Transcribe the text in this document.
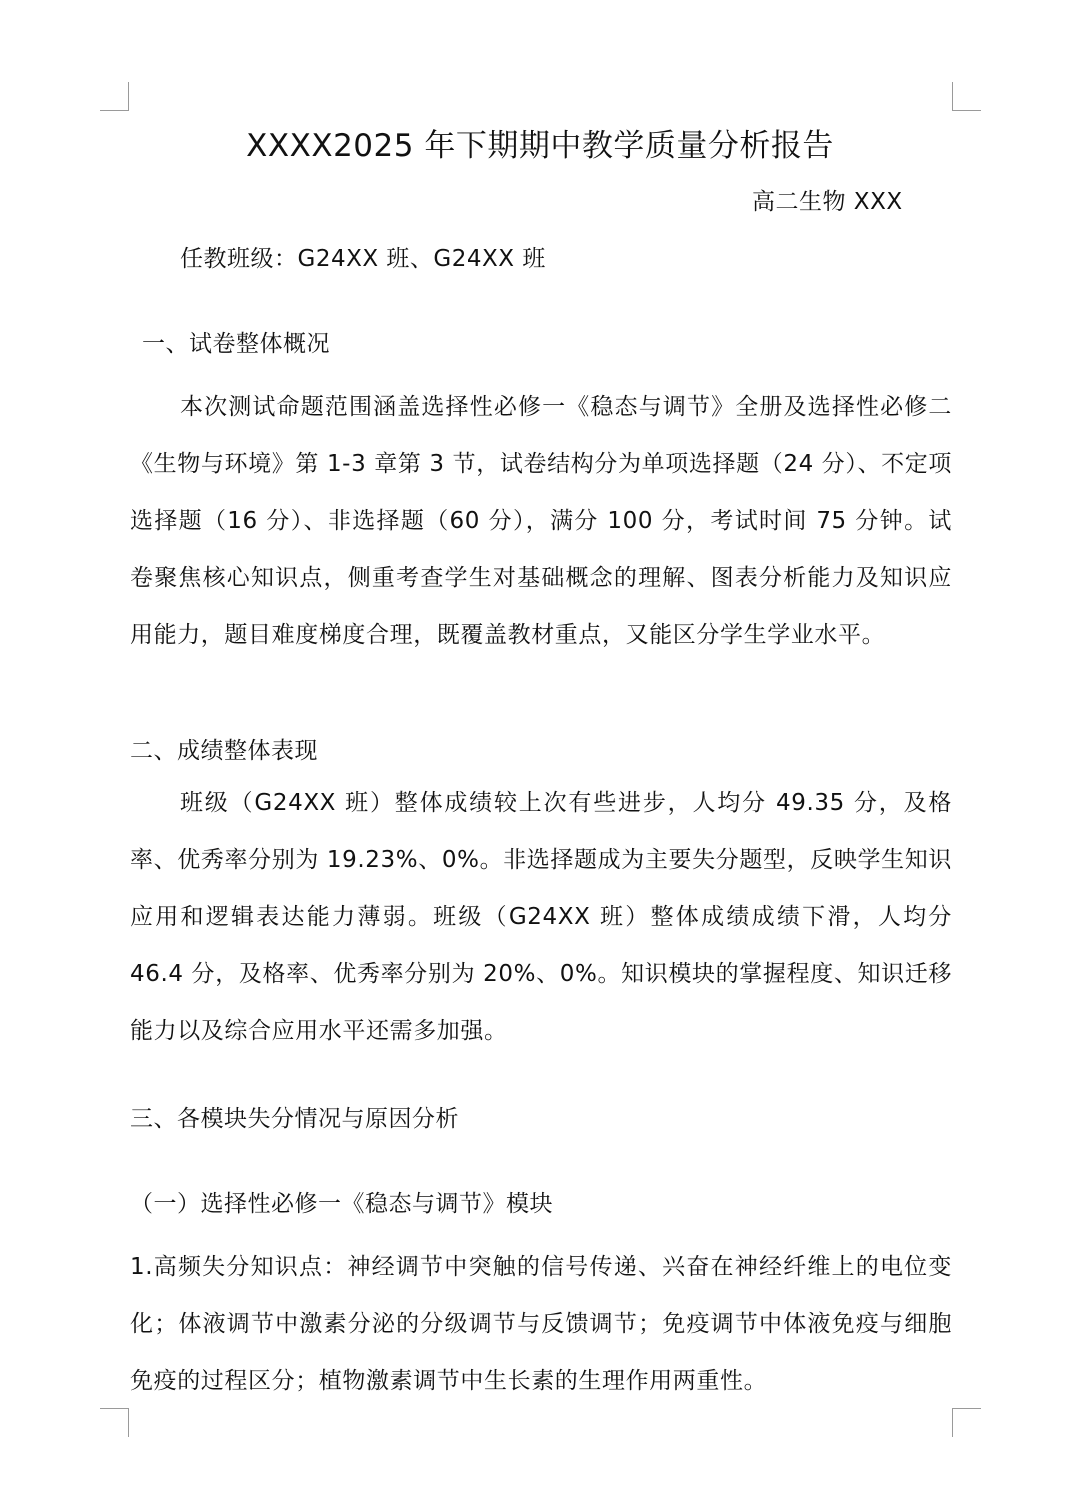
XXXX2025 年下期期中教学质量分析报告
高二生物 XXX
任教班级：G24XX 班、G24XX 班
一、试卷整体概况
本次测试命题范围涵盖选择性必修一《稳态与调节》全册及选择性必修二《生物与环境》第 1-3 章第 3 节，试卷结构分为单项选择题（24 分）、不定项选择题（16 分）、非选择题（60 分），满分 100 分，考试时间 75 分钟。试卷聚焦核心知识点，侧重考查学生对基础概念的理解、图表分析能力及知识应用能力，题目难度梯度合理，既覆盖教材重点，又能区分学生学业水平。
二、成绩整体表现
班级（G24XX 班）整体成绩较上次有些进步，人均分 49.35 分，及格率、优秀率分别为 19.23%、0%。非选择题成为主要失分题型，反映学生知识应用和逻辑表达能力薄弱。班级（G24XX 班）整体成绩成绩下滑，人均分 46.4 分，及格率、优秀率分别为 20%、0%。知识模块的掌握程度、知识迁移能力以及综合应用水平还需多加强。
三、各模块失分情况与原因分析
（一）选择性必修一《稳态与调节》模块
1.高频失分知识点：神经调节中突触的信号传递、兴奋在神经纤维上的电位变化；体液调节中激素分泌的分级调节与反馈调节；免疫调节中体液免疫与细胞免疫的过程区分；植物激素调节中生长素的生理作用两重性。
